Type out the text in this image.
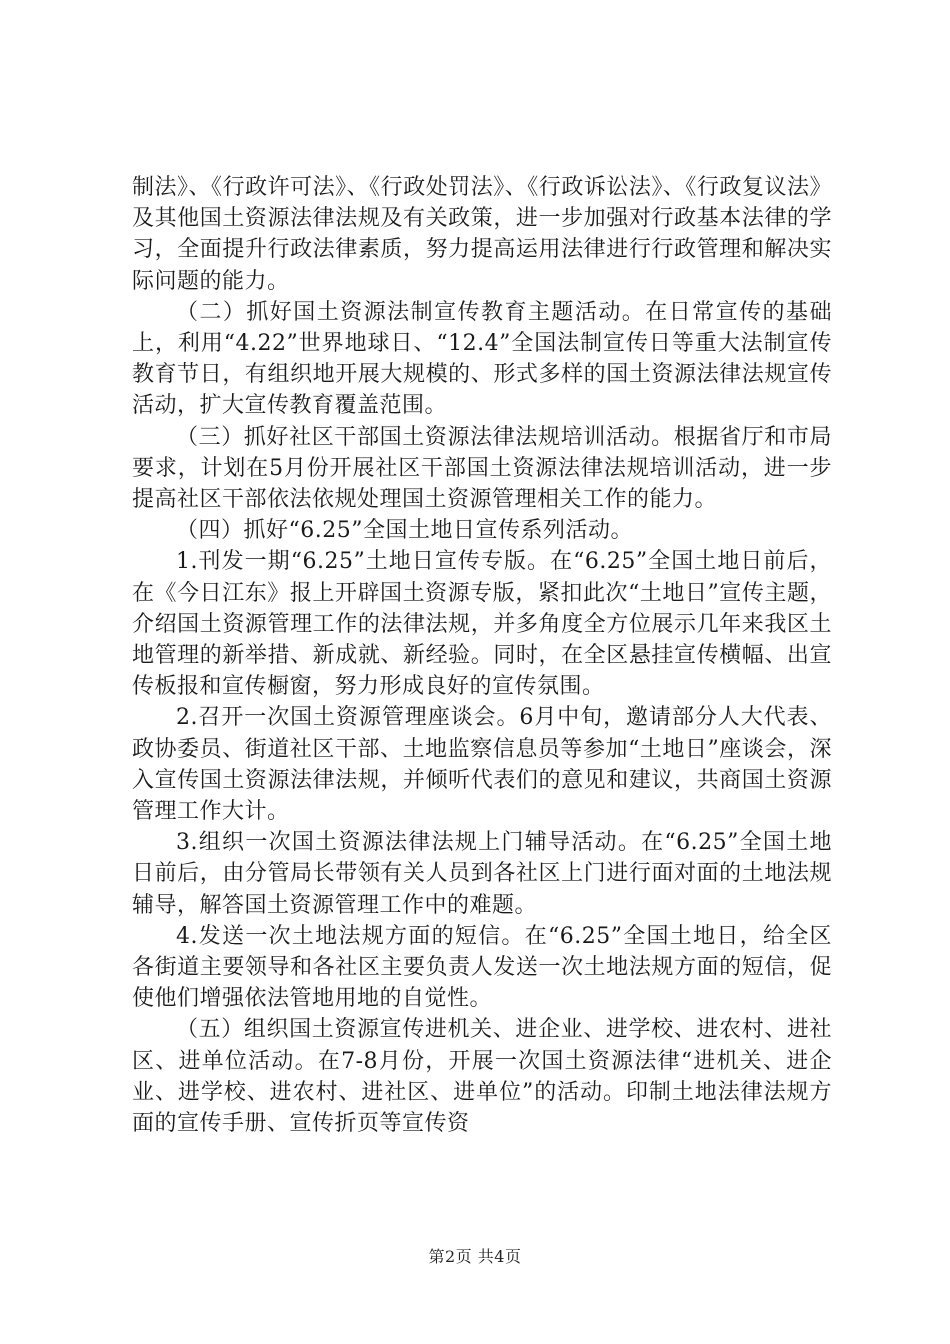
制法》、《行政许可法》、《行政处罚法》、《行政诉讼法》、《行政复议法》及其他国土资源法律法规及有关政策，进一步加强对行政基本法律的学习，全面提升行政法律素质，努力提高运用法律进行行政管理和解决实际问题的能力。

（二）抓好国土资源法制宣传教育主题活动。在日常宣传的基础上，利用“4.22”世界地球日、“12.4”全国法制宣传日等重大法制宣传教育节日，有组织地开展大规模的、形式多样的国土资源法律法规宣传活动，扩大宣传教育覆盖范围。

（三）抓好社区干部国土资源法律法规培训活动。根据省厅和市局要求，计划在5月份开展社区干部国土资源法律法规培训活动，进一步提高社区干部依法依规处理国土资源管理相关工作的能力。

（四）抓好“6.25”全国土地日宣传系列活动。

1.刊发一期“6.25”土地日宣传专版。在“6.25”全国土地日前后，在《今日江东》报上开辟国土资源专版，紧扣此次“土地日”宣传主题，介绍国土资源管理工作的法律法规，并多角度全方位展示几年来我区土地管理的新举措、新成就、新经验。同时，在全区悬挂宣传横幅、出宣传板报和宣传橱窗，努力形成良好的宣传氛围。

2.召开一次国土资源管理座谈会。6月中旬，邀请部分人大代表、政协委员、街道社区干部、土地监察信息员等参加“土地日”座谈会，深入宣传国土资源法律法规，并倾听代表们的意见和建议，共商国土资源管理工作大计。

3.组织一次国土资源法律法规上门辅导活动。在“6.25”全国土地日前后，由分管局长带领有关人员到各社区上门进行面对面的土地法规辅导，解答国土资源管理工作中的难题。

4.发送一次土地法规方面的短信。在“6.25”全国土地日，给全区各街道主要领导和各社区主要负责人发送一次土地法规方面的短信，促使他们增强依法管地用地的自觉性。

（五）组织国土资源宣传进机关、进企业、进学校、进农村、进社区、进单位活动。在7-8月份，开展一次国土资源法律“进机关、进企业、进学校、进农村、进社区、进单位”的活动。印制土地法律法规方面的宣传手册、宣传折页等宣传资

第2页 共4页
